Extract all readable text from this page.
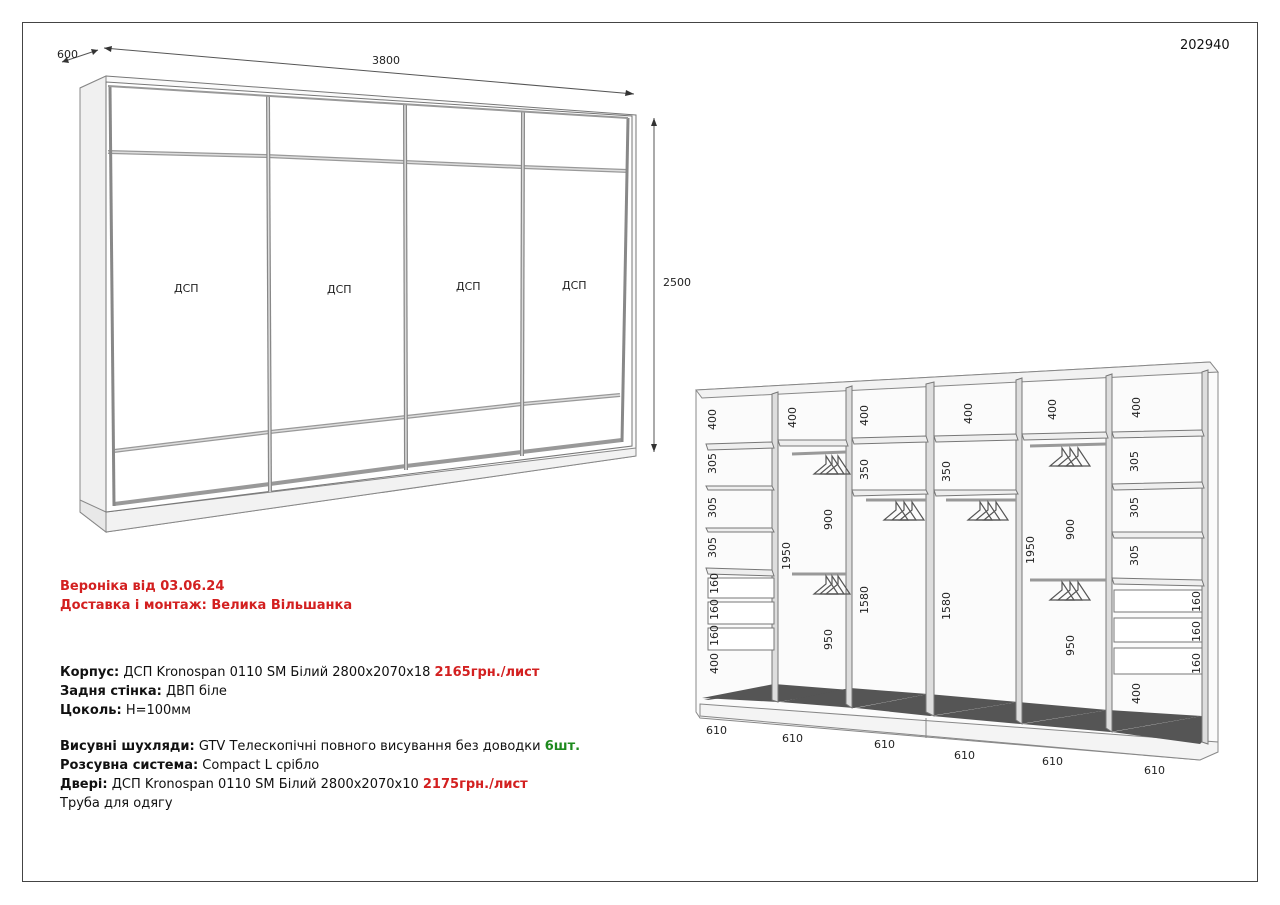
202940
600	3800
2500
ДСП	ДСП	ДСП	ДСП
400
305
305
305
160
160
160
400
400
1950
900
950
400
350
1580
400
350
1580
400
1950
900
950
400
305
305
305
160
160
160
400
610
610	610
610	610
610
Вероніка від 03.06.24
Доставка і монтаж: Велика Вільшанка
Корпус: ДСП Kronospan 0110 SM Білий 2800х2070х18 2165грн./лист
Задня стінка: ДВП біле
Цоколь: Н=100мм
Висувні шухляди: GTV Телескопічні повного висування без доводки 6шт.
Розсувна система: Compact L срібло
Двері: ДСП Kronospan 0110 SM Білий 2800х2070х10 2175грн./лист
Труба для одягу
